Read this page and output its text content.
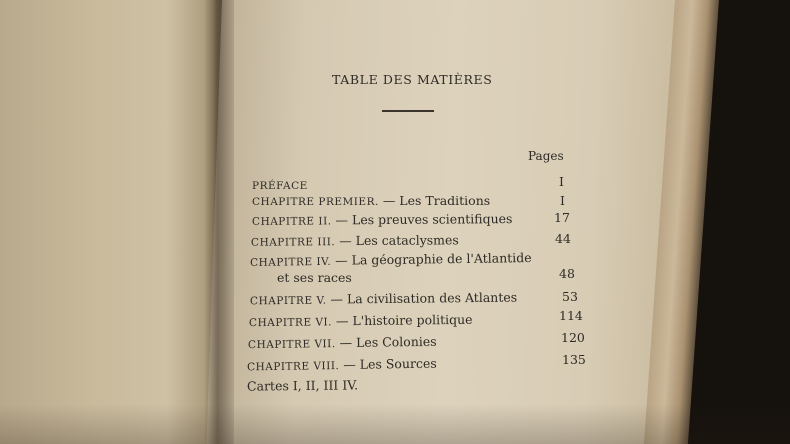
TABLE DES MATIÈRES
Pages
PRÉFACE	I
CHAPITRE PREMIER. — Les Traditions	I
CHAPITRE II. — Les preuves scientifiques	17
CHAPITRE III. — Les cataclysmes	44
CHAPITRE IV. — La géographie de l'Atlantide
et ses races	48
CHAPITRE V. — La civilisation des Atlantes	53
CHAPITRE VI. — L'histoire politique	114
CHAPITRE VII. — Les Colonies	120
CHAPITRE VIII. — Les Sources	135
Cartes I, II, III IV.
